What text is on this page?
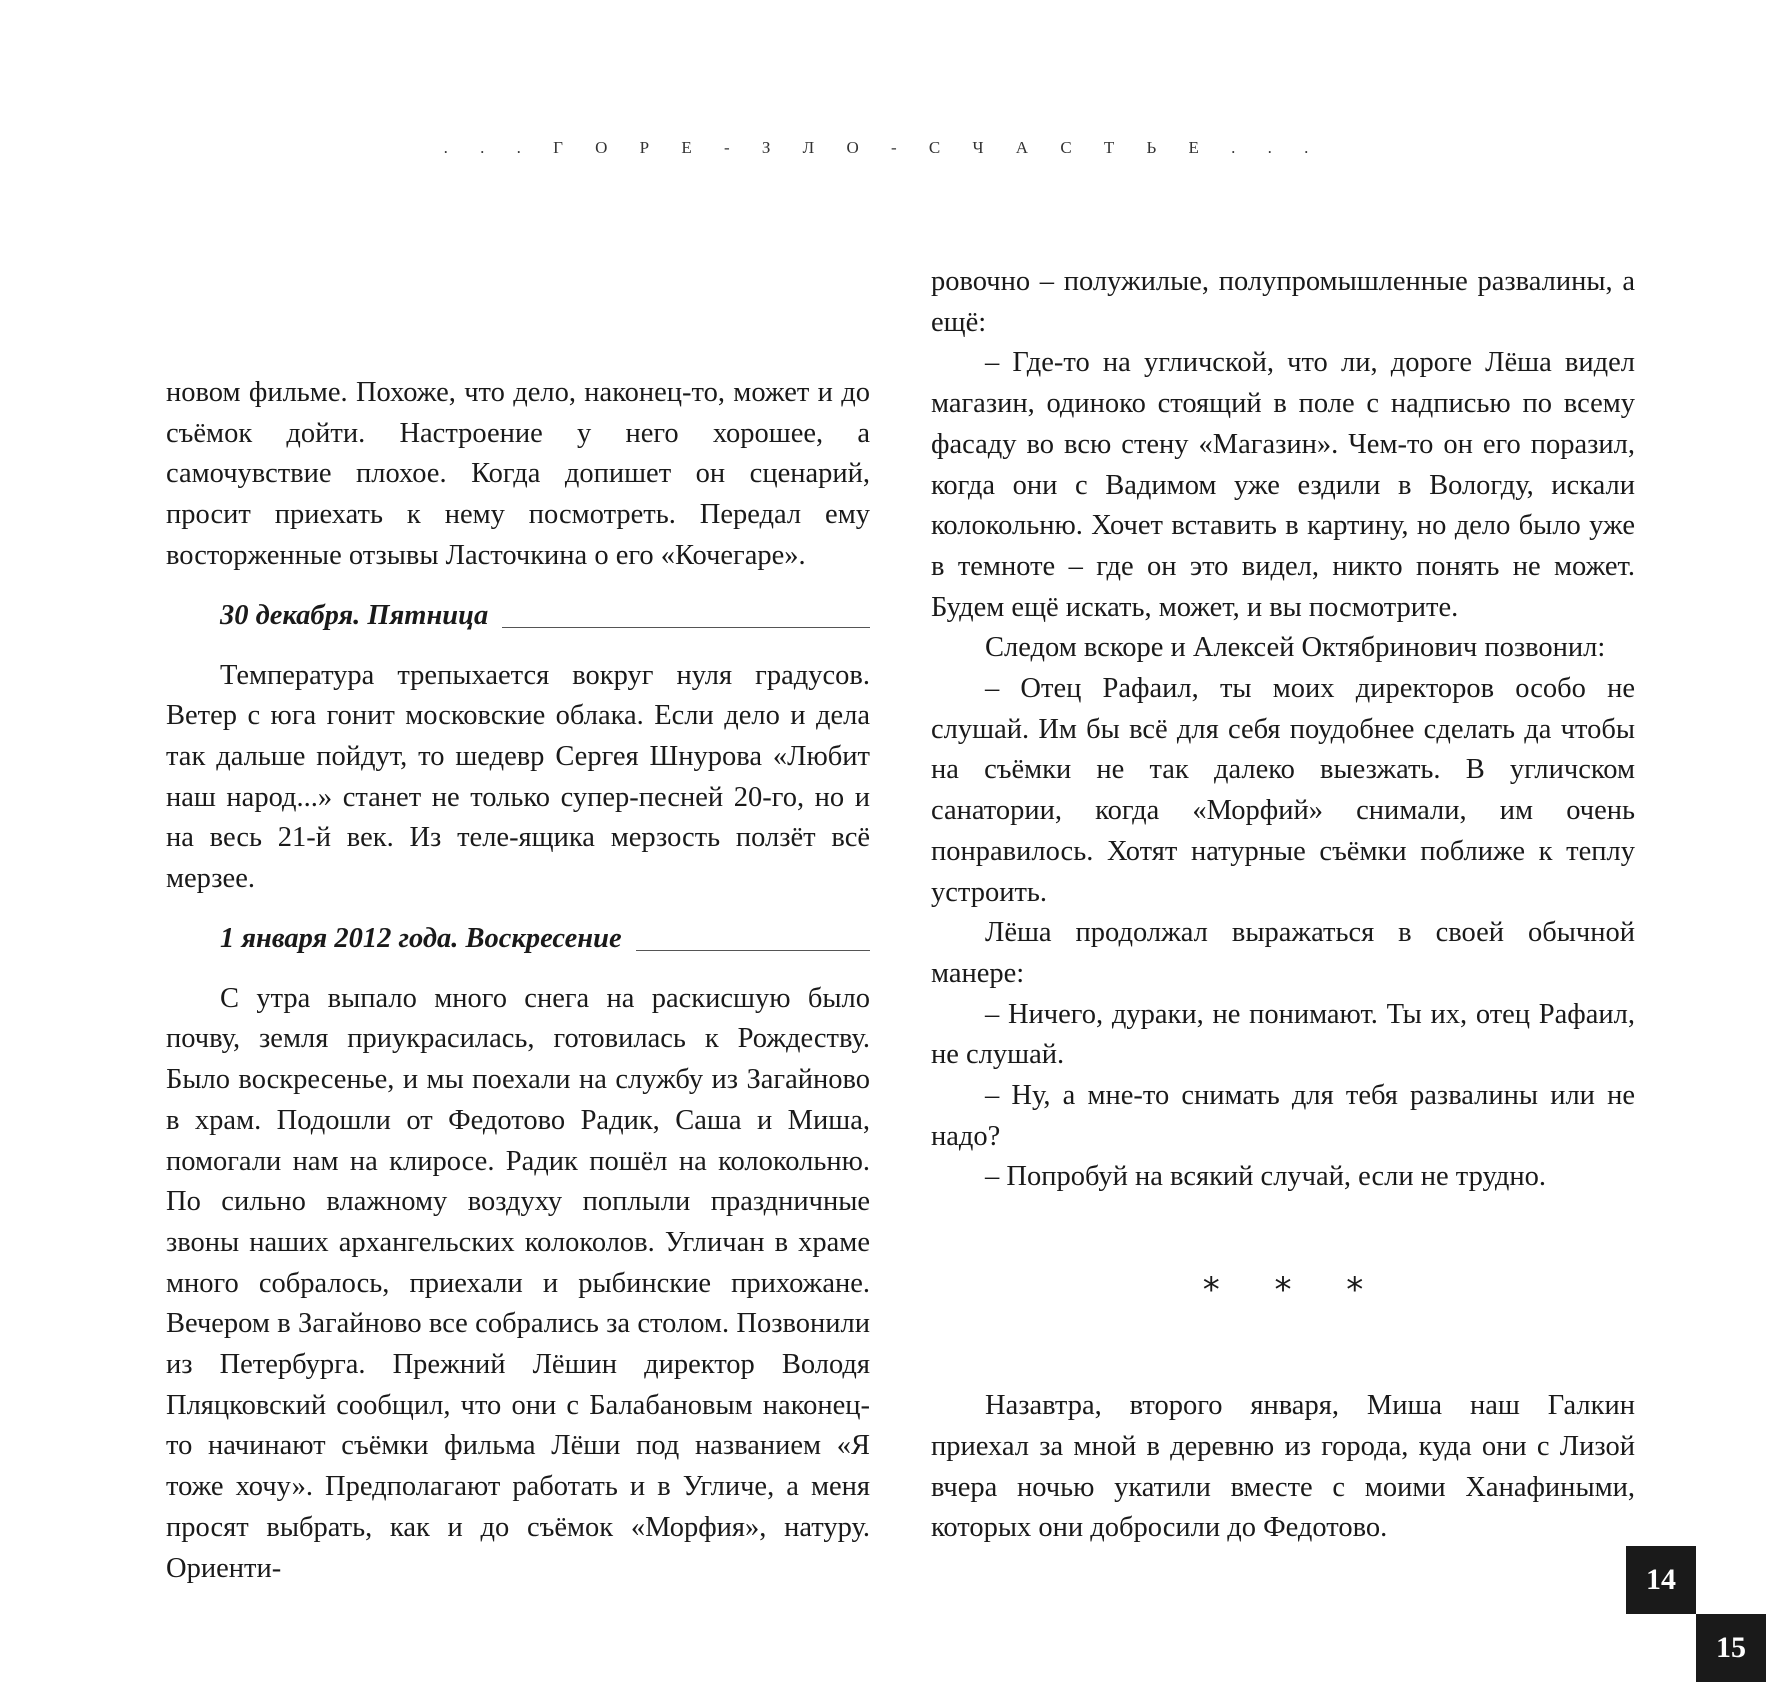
. . . Г О Р Е - З Л О - С Ч А С Т Ь Е . . .

новом фильме. Похоже, что дело, наконец-то, может и до съёмок дойти. Настроение у него хорошее, а самочувствие плохое. Когда допишет он сценарий, просит приехать к нему посмотреть. Передал ему восторженные отзывы Ласточкина о его «Кочегаре».

30 декабря. Пятница

Температура трепыхается вокруг нуля градусов. Ветер с юга гонит московские облака. Если дело и дела так дальше пойдут, то шедевр Сергея Шнурова «Любит наш народ...» станет не только супер-песней 20-го, но и на весь 21-й век. Из теле-ящика мерзость ползёт всё мерзее.

1 января 2012 года. Воскресение

С утра выпало много снега на раскисшую было почву, земля приукрасилась, готовилась к Рождеству. Было воскресенье, и мы поехали на службу из Загайново в храм. Подошли от Федотово Радик, Саша и Миша, помогали нам на клиросе. Радик пошёл на колокольню. По сильно влажному воздуху поплыли праздничные звоны наших архангельских колоколов. Угличан в храме много собралось, приехали и рыбинские прихожане. Вечером в Загайново все собрались за столом. Позвонили из Петербурга. Прежний Лёшин директор Володя Пляцковский сообщил, что они с Балабановым наконец-то начинают съёмки фильма Лёши под названием «Я тоже хочу». Предполагают работать и в Угличе, а меня просят выбрать, как и до съёмок «Морфия», натуру. Ориенти-

ровочно – полужилые, полупромышленные развалины, а ещё:

– Где-то на угличской, что ли, дороге Лёша видел магазин, одиноко стоящий в поле с надписью по всему фасаду во всю стену «Магазин». Чем-то он его поразил, когда они с Вадимом уже ездили в Вологду, искали колокольню. Хочет вставить в картину, но дело было уже в темноте – где он это видел, никто понять не может. Будем ещё искать, может, и вы посмотрите.

Следом вскоре и Алексей Октябринович позвонил:

– Отец Рафаил, ты моих директоров особо не слушай. Им бы всё для себя поудобнее сделать да чтобы на съёмки не так далеко выезжать. В угличском санатории, когда «Морфий» снимали, им очень понравилось. Хотят натурные съёмки поближе к теплу устроить.

Лёша продолжал выражаться в своей обычной манере:

– Ничего, дураки, не понимают. Ты их, отец Рафаил, не слушай.

– Ну, а мне-то снимать для тебя развалины или не надо?

– Попробуй на всякий случай, если не трудно.

* * *

Назавтра, второго января, Миша наш Галкин приехал за мной в деревню из города, куда они с Лизой вчера ночью укатили вместе с моими Ханафиными, которых они добросили до Федотово.

14
15
